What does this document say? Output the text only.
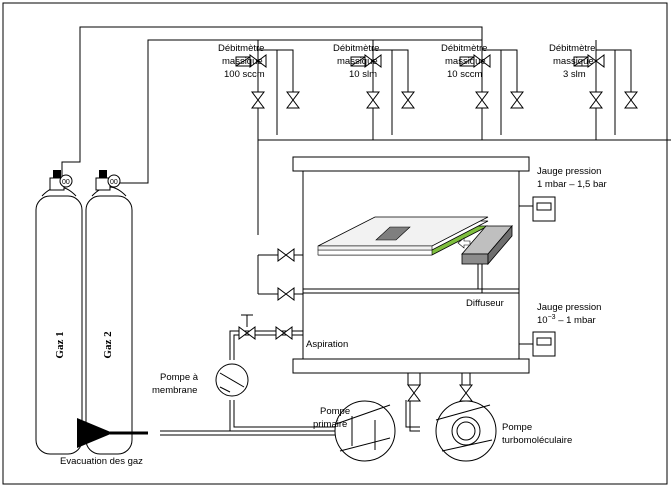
Débitmètre
massique
100 sccm
Débitmètre
massique
10 slm
Débitmètre
massique
10 sccm
Débitmètre
massique
3 slm
00
Gaz 1
00
Gaz 2
Diffuseur
Jauge pression
1 mbar – 1,5 bar
Jauge pression
$10^{-3} - 1$ mbar
Pompe à
membrane
Pompe
primaire	Pompe
turbomoléculaire
Aspiration
Evacuation des gaz
